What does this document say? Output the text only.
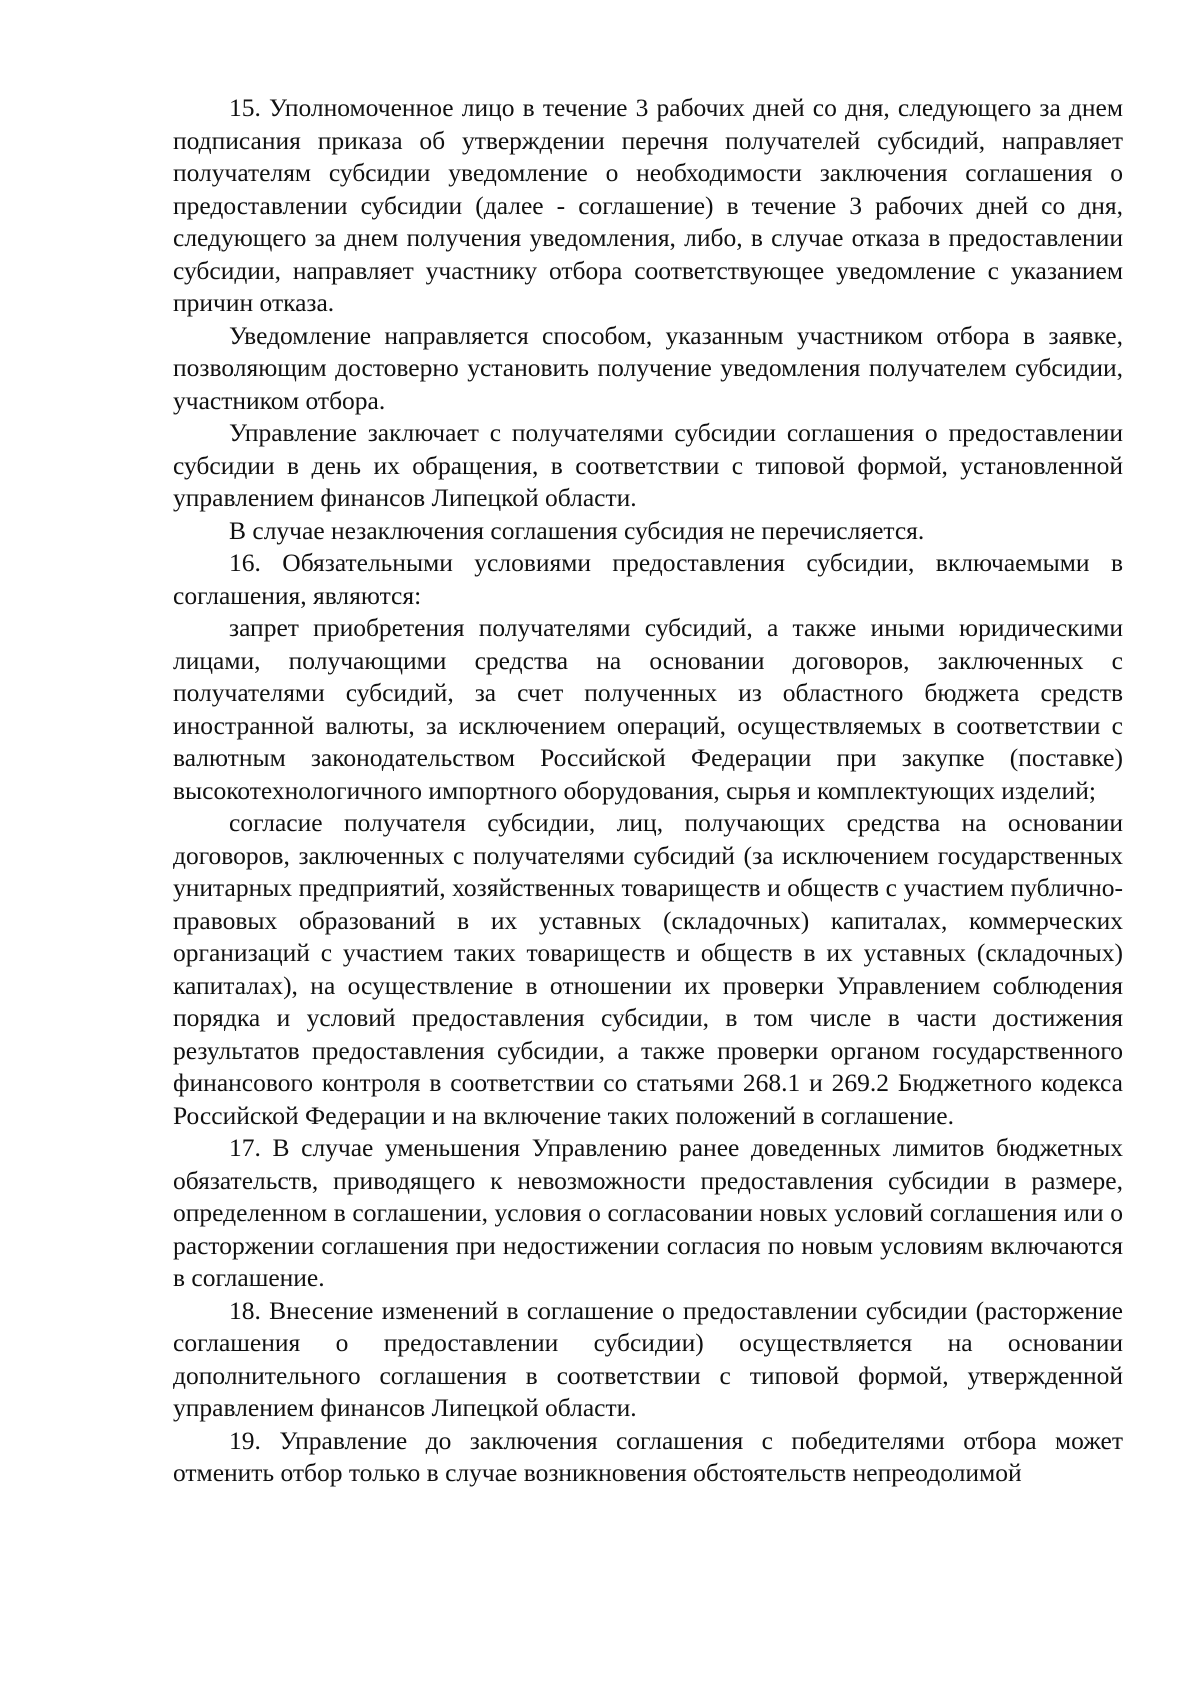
15. Уполномоченное лицо в течение 3 рабочих дней со дня, следующего за днем подписания приказа об утверждении перечня получателей субсидий, направляет получателям субсидии уведомление о необходимости заключения соглашения о предоставлении субсидии (далее - соглашение) в течение 3 рабочих дней со дня, следующего за днем получения уведомления, либо, в случае отказа в предоставлении субсидии, направляет участнику отбора соответствующее уведомление с указанием причин отказа.

Уведомление направляется способом, указанным участником отбора в заявке, позволяющим достоверно установить получение уведомления получателем субсидии, участником отбора.

Управление заключает с получателями субсидии соглашения о предоставлении субсидии в день их обращения, в соответствии с типовой формой, установленной управлением финансов Липецкой области.

В случае незаключения соглашения субсидия не перечисляется.

16. Обязательными условиями предоставления субсидии, включаемыми в соглашения, являются:

запрет приобретения получателями субсидий, а также иными юридическими лицами, получающими средства на основании договоров, заключенных с получателями субсидий, за счет полученных из областного бюджета средств иностранной валюты, за исключением операций, осуществляемых в соответствии с валютным законодательством Российской Федерации при закупке (поставке) высокотехнологичного импортного оборудования, сырья и комплектующих изделий;

согласие получателя субсидии, лиц, получающих средства на основании договоров, заключенных с получателями субсидий (за исключением государственных унитарных предприятий, хозяйственных товариществ и обществ с участием публично-правовых образований в их уставных (складочных) капиталах, коммерческих организаций с участием таких товариществ и обществ в их уставных (складочных) капиталах), на осуществление в отношении их проверки Управлением соблюдения порядка и условий предоставления субсидии, в том числе в части достижения результатов предоставления субсидии, а также проверки органом государственного финансового контроля в соответствии со статьями 268.1 и 269.2 Бюджетного кодекса Российской Федерации и на включение таких положений в соглашение.

17. В случае уменьшения Управлению ранее доведенных лимитов бюджетных обязательств, приводящего к невозможности предоставления субсидии в размере, определенном в соглашении, условия о согласовании новых условий соглашения или о расторжении соглашения при недостижении согласия по новым условиям включаются в соглашение.

18. Внесение изменений в соглашение о предоставлении субсидии (расторжение соглашения о предоставлении субсидии) осуществляется на основании дополнительного соглашения в соответствии с типовой формой, утвержденной управлением финансов Липецкой области.

19. Управление до заключения соглашения с победителями отбора может отменить отбор только в случае возникновения обстоятельств непреодолимой
